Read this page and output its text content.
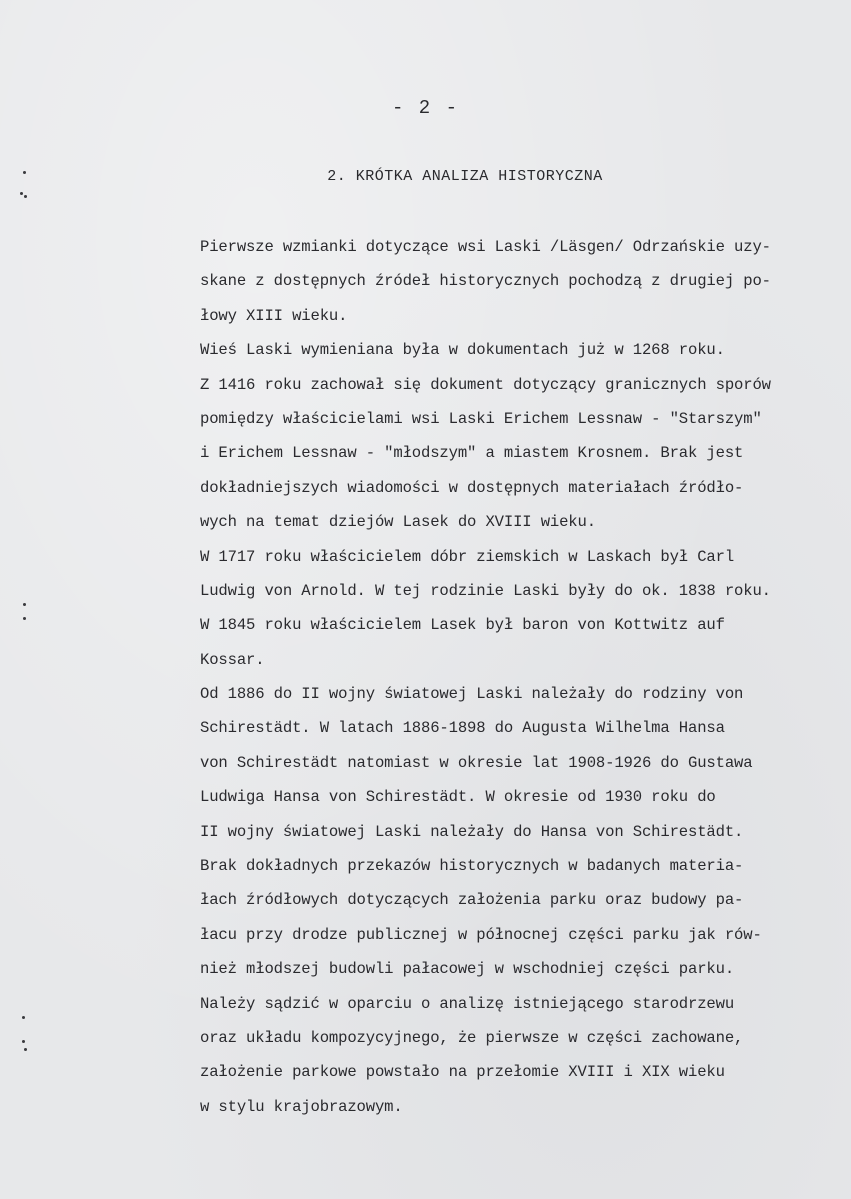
- 2 -
2. KRÓTKA ANALIZA HISTORYCZNA
Pierwsze wzmianki dotyczące wsi Laski /Läsgen/ Odrzańskie uzy-
skane z dostępnych źródeł historycznych pochodzą z drugiej po-
łowy XIII wieku.
Wieś Laski wymieniana była w dokumentach już w 1268 roku.
Z 1416 roku zachował się dokument dotyczący granicznych sporów
pomiędzy właścicielami wsi Laski Erichem Lessnaw - "Starszym"
i Erichem Lessnaw - "młodszym" a miastem Krosnem. Brak jest
dokładniejszych wiadomości w dostępnych materiałach źródło-
wych na temat dziejów Lasek do XVIII wieku.
W 1717 roku właścicielem dóbr ziemskich w Laskach był Carl
Ludwig von Arnold. W tej rodzinie Laski były do ok. 1838 roku.
W 1845 roku właścicielem Lasek był baron von Kottwitz auf
Kossar.
Od 1886 do II wojny światowej Laski należały do rodziny von
Schirestädt. W latach 1886-1898 do Augusta Wilhelma Hansa
von Schirestädt natomiast w okresie lat 1908-1926 do Gustawa
Ludwiga Hansa von Schirestädt. W okresie od 1930 roku do
II wojny światowej Laski należały do Hansa von Schirestädt.
Brak dokładnych przekazów historycznych w badanych materia-
łach źródłowych dotyczących założenia parku oraz budowy pa-
łacu przy drodze publicznej w północnej części parku jak rów-
nież młodszej budowli pałacowej w wschodniej części parku.
Należy sądzić w oparciu o analizę istniejącego starodrzewu
oraz układu kompozycyjnego, że pierwsze w części zachowane,
założenie parkowe powstało na przełomie XVIII i XIX wieku
w stylu krajobrazowym.
